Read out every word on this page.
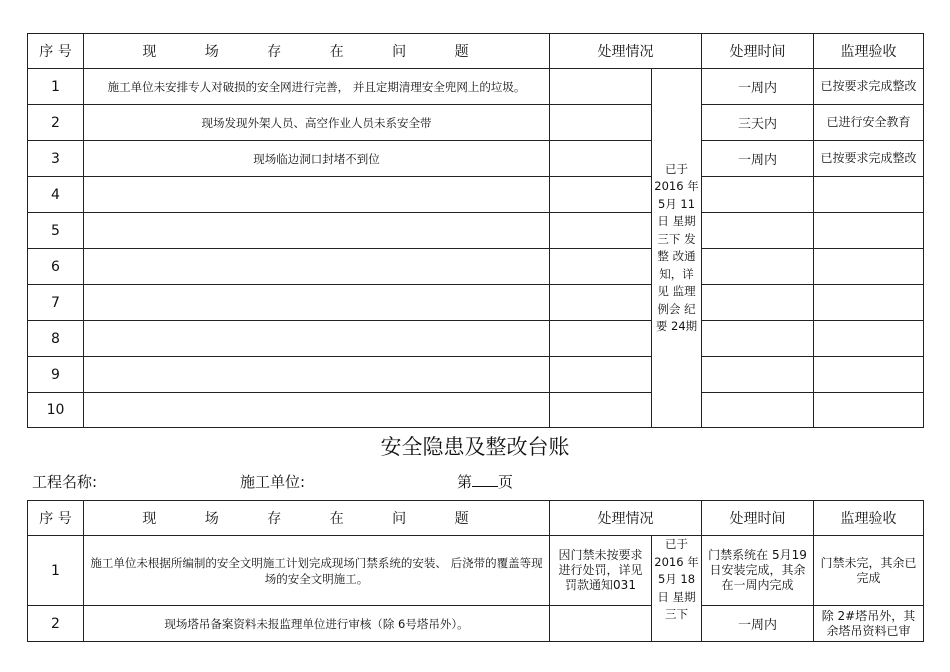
序 号	现 场 存 在 问 题	处理情况		处理时间	监理验收
1	施工单位未安排专人对破损的安全网进行完善， 并且定期清理安全兜网上的垃圾。		已于 2016 年5月 11日 星期 三下 发整 改通 知，详 见 监理 例会 纪要 24期	一周内	已按要求完成整改
2	现场发现外架人员、高空作业人员未系安全带			三天内	已进行安全教育
3	现场临边洞口封堵不到位			一周内	已按要求完成整改
4					
5					
6					
7					
8					
9					
10					
安全隐患及整改台账
工程名称:	施工单位:	第 页
序 号	现 场 存 在 问 题	处理情况		处理时间	监理验收
1	施工单位未根据所编制的安全文明施工计划完成现场门禁系统的安装、 后浇带的覆盖等现场的安全文明施工。	因门禁未按要求进行处罚，详见罚款通知031	已于 2016 年5月 18日 星期 三下	门禁系统在 5月19日安装完成，其余在一周内完成	门禁未完，其余已完成
2	现场塔吊备案资料未报监理单位进行审核（除 6号塔吊外）。			一周内	除 2#塔吊外，其余塔吊资料已审
